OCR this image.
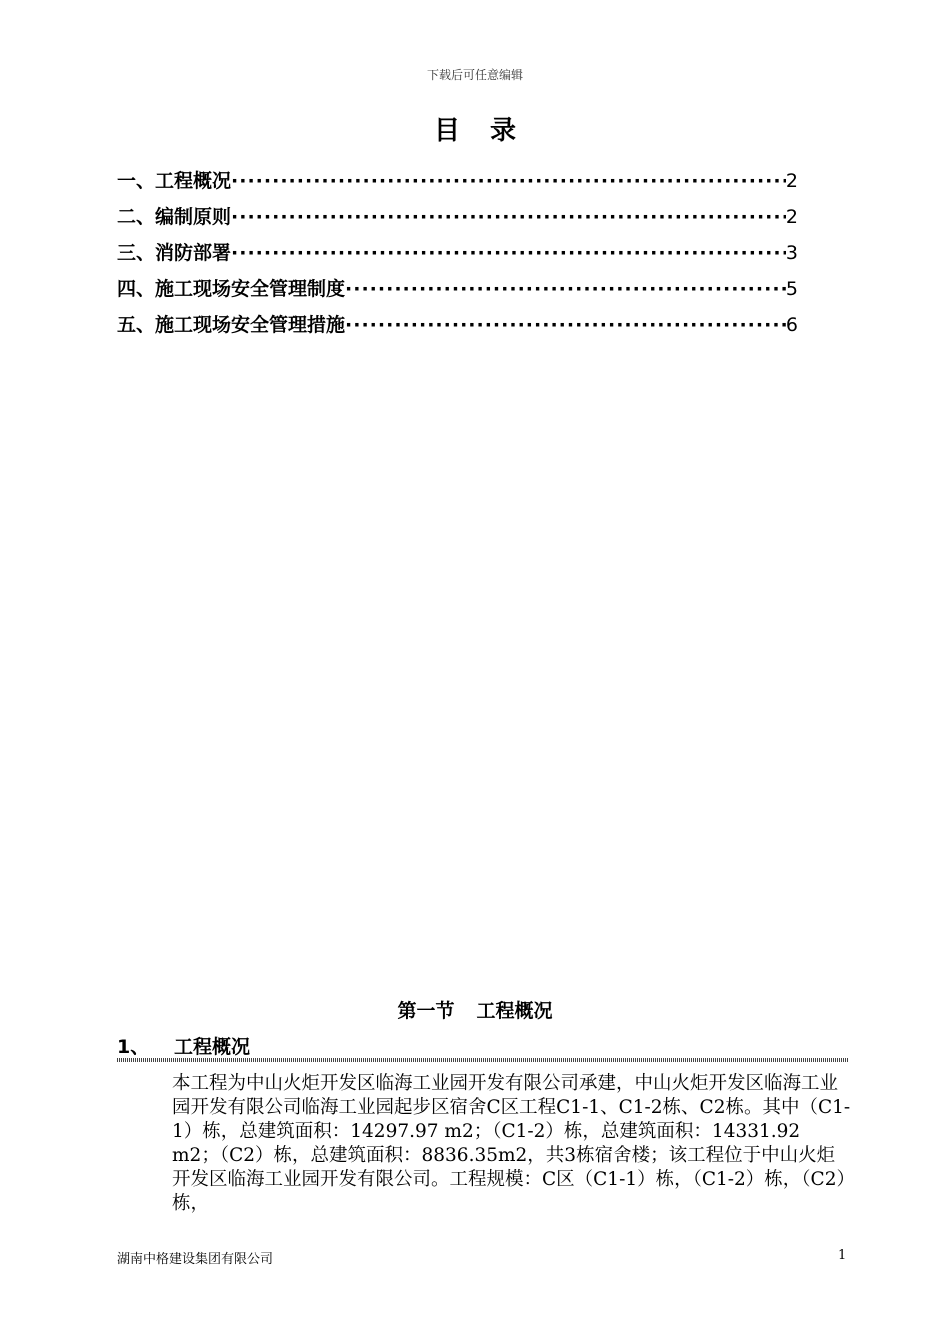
下载后可任意编辑
目录
一、工程概况 ·····	2
二、编制原则 ·····	2
三、消防部署 ·····	3
四、施工现场安全管理制度 ·····	5
五、施工现场安全管理措施 ·····	6
第一节 工程概况
1、 工程概况
本工程为中山火炬开发区临海工业园开发有限公司承建，中山火炬开发区临海工业园开发有限公司临海工业园起步区宿舍C区工程C1-1、C1-2栋、C2栋。其中（C1-1）栋，总建筑面积：14297.97 m2；（C1-2）栋，总建筑面积：14331.92 m2；（C2）栋，总建筑面积：8836.35m2，共3栋宿舍楼；该工程位于中山火炬开发区临海工业园开发有限公司。工程规模：C区（C1-1）栋，（C1-2）栋，（C2）栋，
湖南中格建设集团有限公司	1
